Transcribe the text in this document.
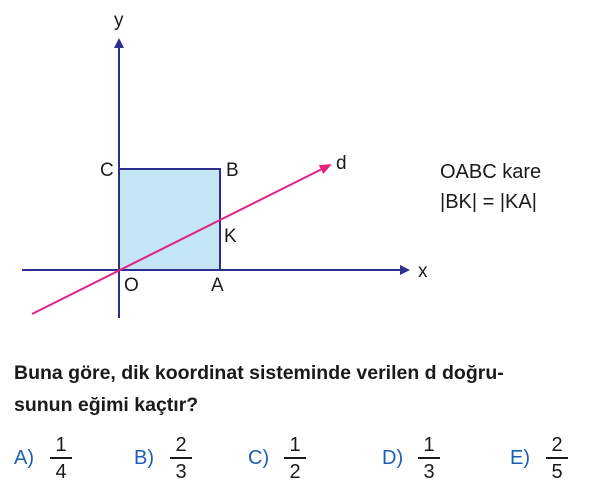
y
x
d
C	B
K
O	A
OABC kare
|BK| = |KA|
Buna göre, dik koordinat sisteminde verilen d doğru-
sunun eğimi kaçtır?
A)
1
4
B)
2
3
C)
1
2
D)
1
3
E)
2
5
